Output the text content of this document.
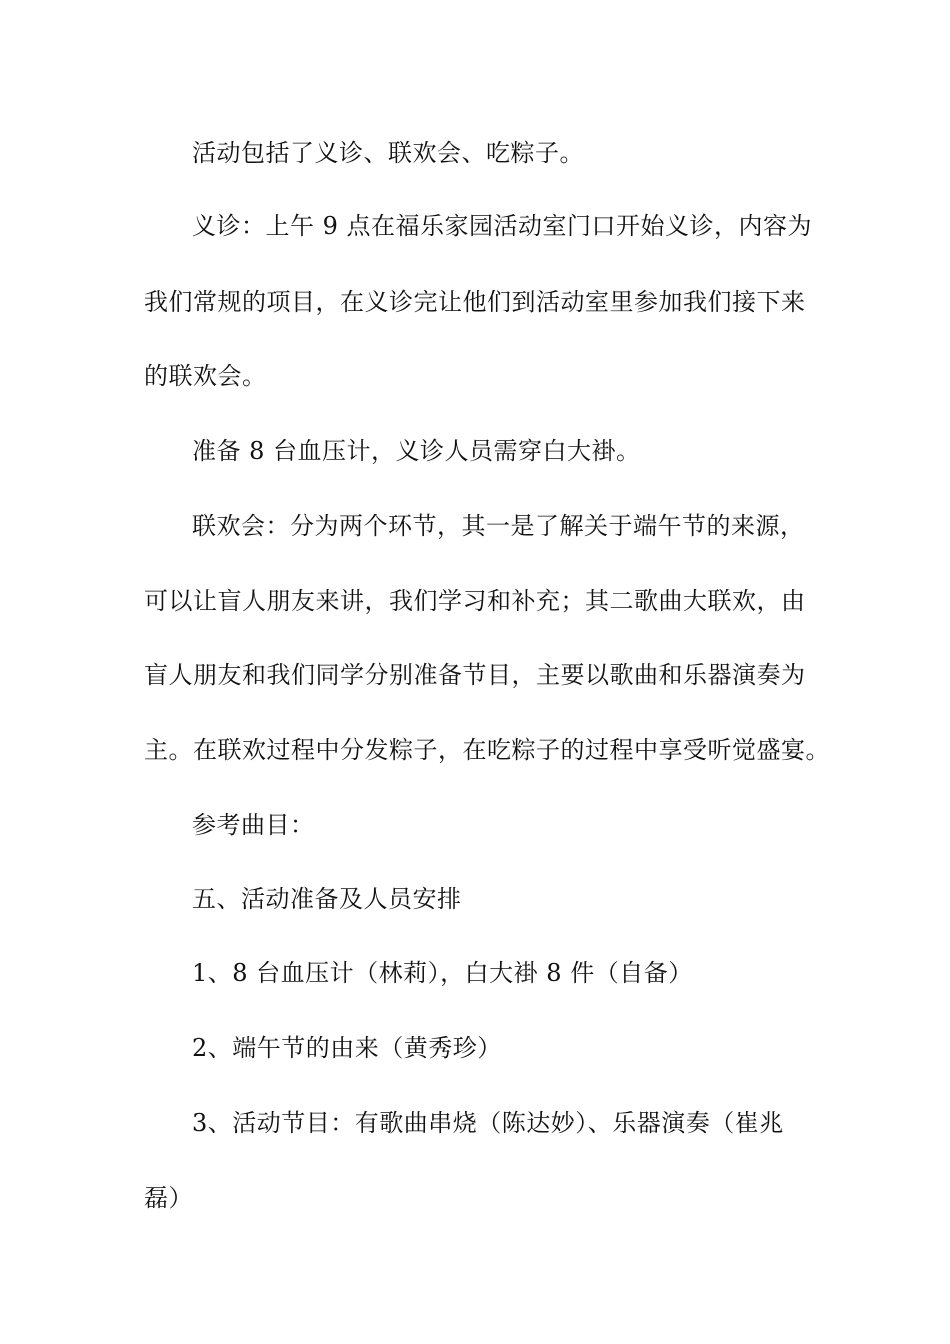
活动包括了义诊、联欢会、吃粽子。
义诊：上午 9 点在福乐家园活动室门口开始义诊，内容为
我们常规的项目，在义诊完让他们到活动室里参加我们接下来
的联欢会。
准备 8 台血压计，义诊人员需穿白大褂。
联欢会：分为两个环节，其一是了解关于端午节的来源，
可以让盲人朋友来讲，我们学习和补充；其二歌曲大联欢，由
盲人朋友和我们同学分别准备节目，主要以歌曲和乐器演奏为
主。在联欢过程中分发粽子，在吃粽子的过程中享受听觉盛宴。
参考曲目：
五、活动准备及人员安排
1、8 台血压计（林莉），白大褂 8 件（自备）
2、端午节的由来（黄秀珍）
3、活动节目：有歌曲串烧（陈达妙）、乐器演奏（崔兆
磊）
